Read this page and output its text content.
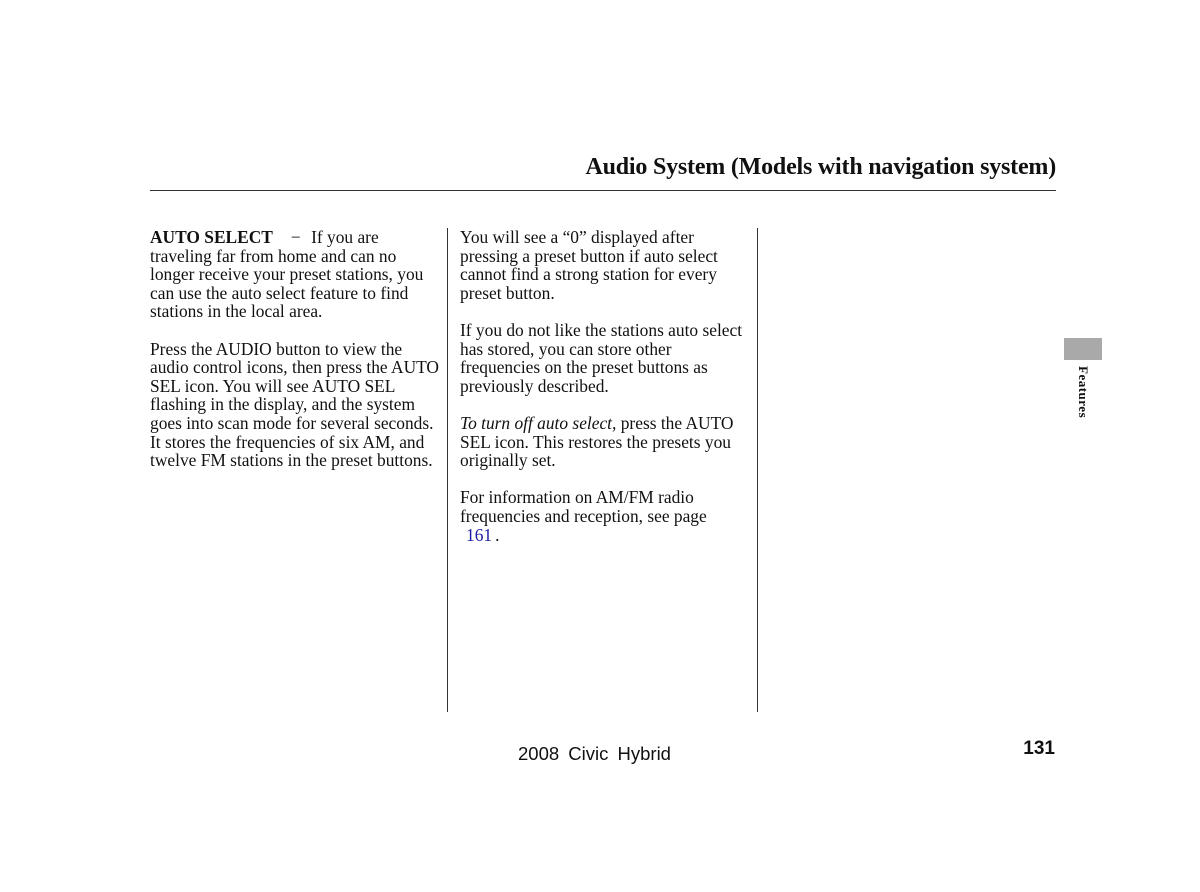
Audio System (Models with navigation system)

AUTO SELECT − If you are traveling far from home and can no longer receive your preset stations, you can use the auto select feature to find stations in the local area.

Press the AUDIO button to view the audio control icons, then press the AUTO SEL icon. You will see AUTO SEL flashing in the display, and the system goes into scan mode for several seconds. It stores the frequencies of six AM, and twelve FM stations in the preset buttons.

You will see a “0” displayed after pressing a preset button if auto select cannot find a strong station for every preset button.

If you do not like the stations auto select has stored, you can store other frequencies on the preset buttons as previously described.

To turn off auto select, press the AUTO SEL icon. This restores the presets you originally set.

For information on AM/FM radio frequencies and reception, see page
161 .

Features
2008 Civic Hybrid	131
